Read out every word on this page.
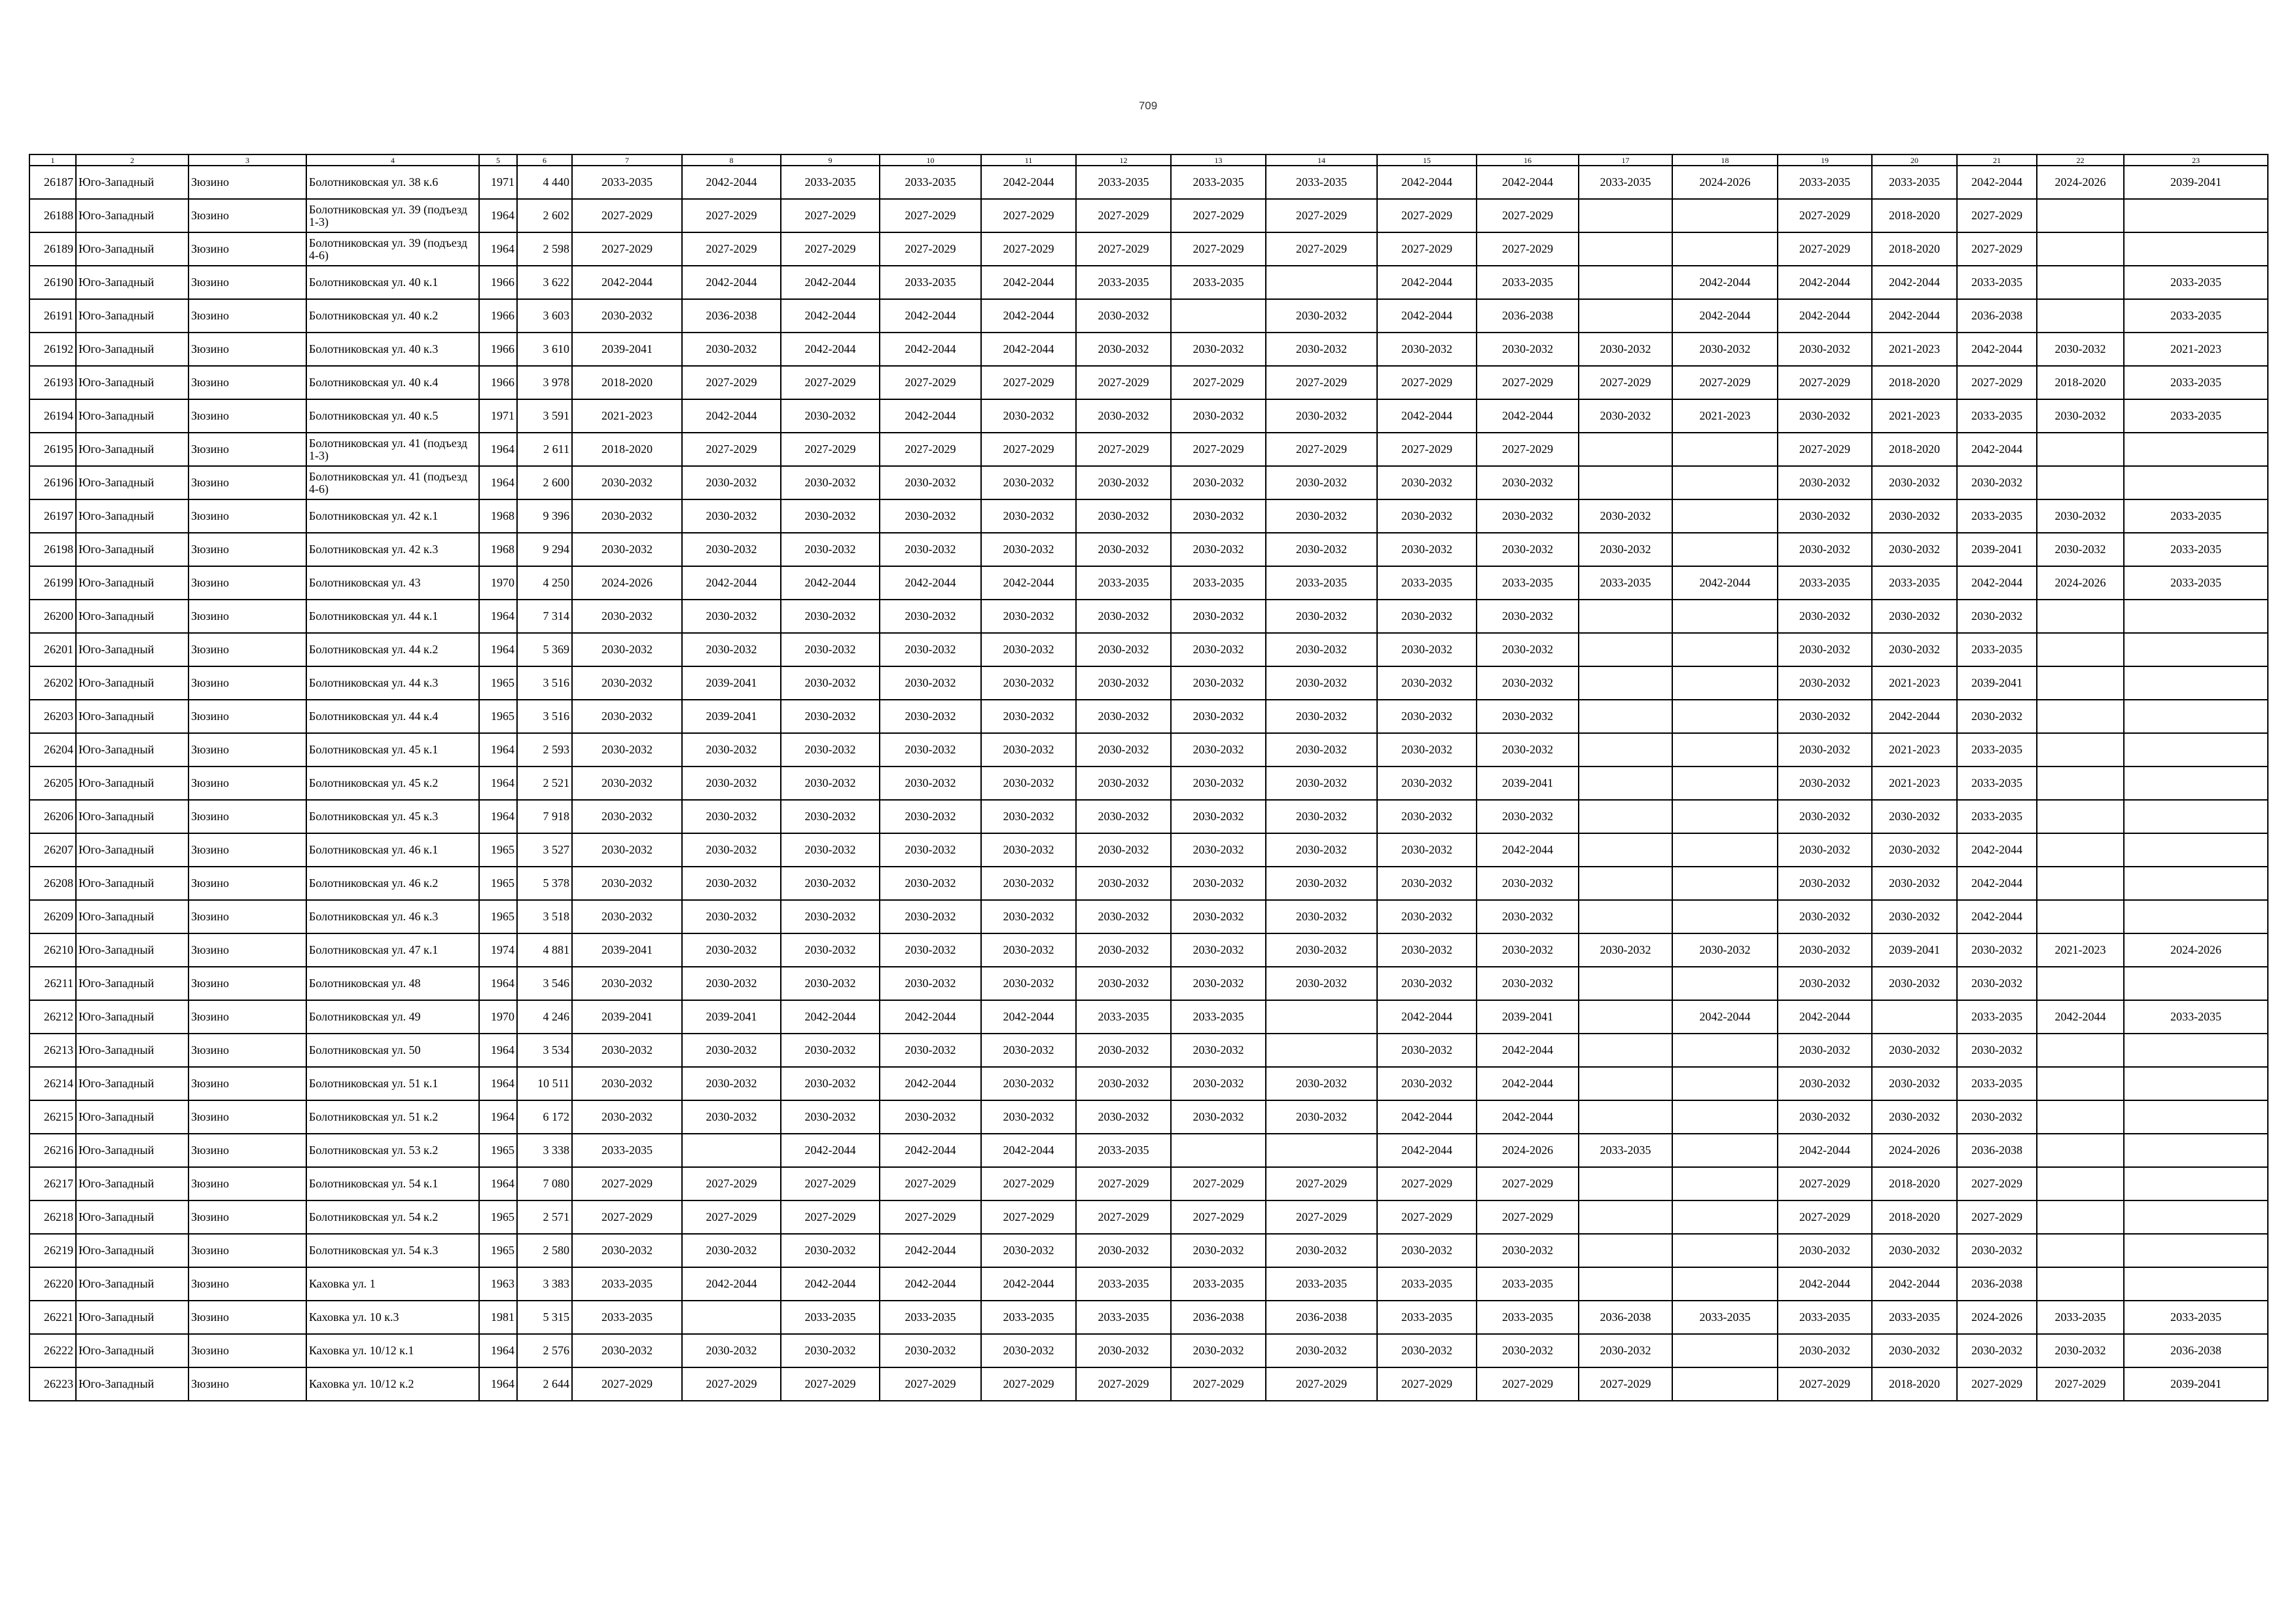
709
1	2	3	4	5	6	7	8	9	10	11	12	13	14	15	16	17	18	19	20	21	22	23
26187	Юго-Западный	Зюзино	Болотниковская ул. 38 к.6	1971	4 440	2033-2035	2042-2044	2033-2035	2033-2035	2042-2044	2033-2035	2033-2035	2033-2035	2042-2044	2042-2044	2033-2035	2024-2026	2033-2035	2033-2035	2042-2044	2024-2026	2039-2041
26188	Юго-Западный	Зюзино	Болотниковская ул. 39 (подъезд 1-3)	1964	2 602	2027-2029	2027-2029	2027-2029	2027-2029	2027-2029	2027-2029	2027-2029	2027-2029	2027-2029	2027-2029			2027-2029	2018-2020	2027-2029		
26189	Юго-Западный	Зюзино	Болотниковская ул. 39 (подъезд 4-6)	1964	2 598	2027-2029	2027-2029	2027-2029	2027-2029	2027-2029	2027-2029	2027-2029	2027-2029	2027-2029	2027-2029			2027-2029	2018-2020	2027-2029		
26190	Юго-Западный	Зюзино	Болотниковская ул. 40 к.1	1966	3 622	2042-2044	2042-2044	2042-2044	2033-2035	2042-2044	2033-2035	2033-2035		2042-2044	2033-2035		2042-2044	2042-2044	2042-2044	2033-2035		2033-2035
26191	Юго-Западный	Зюзино	Болотниковская ул. 40 к.2	1966	3 603	2030-2032	2036-2038	2042-2044	2042-2044	2042-2044	2030-2032		2030-2032	2042-2044	2036-2038		2042-2044	2042-2044	2042-2044	2036-2038		2033-2035
26192	Юго-Западный	Зюзино	Болотниковская ул. 40 к.3	1966	3 610	2039-2041	2030-2032	2042-2044	2042-2044	2042-2044	2030-2032	2030-2032	2030-2032	2030-2032	2030-2032	2030-2032	2030-2032	2030-2032	2021-2023	2042-2044	2030-2032	2021-2023
26193	Юго-Западный	Зюзино	Болотниковская ул. 40 к.4	1966	3 978	2018-2020	2027-2029	2027-2029	2027-2029	2027-2029	2027-2029	2027-2029	2027-2029	2027-2029	2027-2029	2027-2029	2027-2029	2027-2029	2018-2020	2027-2029	2018-2020	2033-2035
26194	Юго-Западный	Зюзино	Болотниковская ул. 40 к.5	1971	3 591	2021-2023	2042-2044	2030-2032	2042-2044	2030-2032	2030-2032	2030-2032	2030-2032	2042-2044	2042-2044	2030-2032	2021-2023	2030-2032	2021-2023	2033-2035	2030-2032	2033-2035
26195	Юго-Западный	Зюзино	Болотниковская ул. 41 (подъезд 1-3)	1964	2 611	2018-2020	2027-2029	2027-2029	2027-2029	2027-2029	2027-2029	2027-2029	2027-2029	2027-2029	2027-2029			2027-2029	2018-2020	2042-2044		
26196	Юго-Западный	Зюзино	Болотниковская ул. 41 (подъезд 4-6)	1964	2 600	2030-2032	2030-2032	2030-2032	2030-2032	2030-2032	2030-2032	2030-2032	2030-2032	2030-2032	2030-2032			2030-2032	2030-2032	2030-2032		
26197	Юго-Западный	Зюзино	Болотниковская ул. 42 к.1	1968	9 396	2030-2032	2030-2032	2030-2032	2030-2032	2030-2032	2030-2032	2030-2032	2030-2032	2030-2032	2030-2032	2030-2032		2030-2032	2030-2032	2033-2035	2030-2032	2033-2035
26198	Юго-Западный	Зюзино	Болотниковская ул. 42 к.3	1968	9 294	2030-2032	2030-2032	2030-2032	2030-2032	2030-2032	2030-2032	2030-2032	2030-2032	2030-2032	2030-2032	2030-2032		2030-2032	2030-2032	2039-2041	2030-2032	2033-2035
26199	Юго-Западный	Зюзино	Болотниковская ул. 43	1970	4 250	2024-2026	2042-2044	2042-2044	2042-2044	2042-2044	2033-2035	2033-2035	2033-2035	2033-2035	2033-2035	2033-2035	2042-2044	2033-2035	2033-2035	2042-2044	2024-2026	2033-2035
26200	Юго-Западный	Зюзино	Болотниковская ул. 44 к.1	1964	7 314	2030-2032	2030-2032	2030-2032	2030-2032	2030-2032	2030-2032	2030-2032	2030-2032	2030-2032	2030-2032			2030-2032	2030-2032	2030-2032		
26201	Юго-Западный	Зюзино	Болотниковская ул. 44 к.2	1964	5 369	2030-2032	2030-2032	2030-2032	2030-2032	2030-2032	2030-2032	2030-2032	2030-2032	2030-2032	2030-2032			2030-2032	2030-2032	2033-2035		
26202	Юго-Западный	Зюзино	Болотниковская ул. 44 к.3	1965	3 516	2030-2032	2039-2041	2030-2032	2030-2032	2030-2032	2030-2032	2030-2032	2030-2032	2030-2032	2030-2032			2030-2032	2021-2023	2039-2041		
26203	Юго-Западный	Зюзино	Болотниковская ул. 44 к.4	1965	3 516	2030-2032	2039-2041	2030-2032	2030-2032	2030-2032	2030-2032	2030-2032	2030-2032	2030-2032	2030-2032			2030-2032	2042-2044	2030-2032		
26204	Юго-Западный	Зюзино	Болотниковская ул. 45 к.1	1964	2 593	2030-2032	2030-2032	2030-2032	2030-2032	2030-2032	2030-2032	2030-2032	2030-2032	2030-2032	2030-2032			2030-2032	2021-2023	2033-2035		
26205	Юго-Западный	Зюзино	Болотниковская ул. 45 к.2	1964	2 521	2030-2032	2030-2032	2030-2032	2030-2032	2030-2032	2030-2032	2030-2032	2030-2032	2030-2032	2039-2041			2030-2032	2021-2023	2033-2035		
26206	Юго-Западный	Зюзино	Болотниковская ул. 45 к.3	1964	7 918	2030-2032	2030-2032	2030-2032	2030-2032	2030-2032	2030-2032	2030-2032	2030-2032	2030-2032	2030-2032			2030-2032	2030-2032	2033-2035		
26207	Юго-Западный	Зюзино	Болотниковская ул. 46 к.1	1965	3 527	2030-2032	2030-2032	2030-2032	2030-2032	2030-2032	2030-2032	2030-2032	2030-2032	2030-2032	2042-2044			2030-2032	2030-2032	2042-2044		
26208	Юго-Западный	Зюзино	Болотниковская ул. 46 к.2	1965	5 378	2030-2032	2030-2032	2030-2032	2030-2032	2030-2032	2030-2032	2030-2032	2030-2032	2030-2032	2030-2032			2030-2032	2030-2032	2042-2044		
26209	Юго-Западный	Зюзино	Болотниковская ул. 46 к.3	1965	3 518	2030-2032	2030-2032	2030-2032	2030-2032	2030-2032	2030-2032	2030-2032	2030-2032	2030-2032	2030-2032			2030-2032	2030-2032	2042-2044		
26210	Юго-Западный	Зюзино	Болотниковская ул. 47 к.1	1974	4 881	2039-2041	2030-2032	2030-2032	2030-2032	2030-2032	2030-2032	2030-2032	2030-2032	2030-2032	2030-2032	2030-2032	2030-2032	2030-2032	2039-2041	2030-2032	2021-2023	2024-2026
26211	Юго-Западный	Зюзино	Болотниковская ул. 48	1964	3 546	2030-2032	2030-2032	2030-2032	2030-2032	2030-2032	2030-2032	2030-2032	2030-2032	2030-2032	2030-2032			2030-2032	2030-2032	2030-2032		
26212	Юго-Западный	Зюзино	Болотниковская ул. 49	1970	4 246	2039-2041	2039-2041	2042-2044	2042-2044	2042-2044	2033-2035	2033-2035		2042-2044	2039-2041		2042-2044	2042-2044		2033-2035	2042-2044	2033-2035
26213	Юго-Западный	Зюзино	Болотниковская ул. 50	1964	3 534	2030-2032	2030-2032	2030-2032	2030-2032	2030-2032	2030-2032	2030-2032		2030-2032	2042-2044			2030-2032	2030-2032	2030-2032		
26214	Юго-Западный	Зюзино	Болотниковская ул. 51 к.1	1964	10 511	2030-2032	2030-2032	2030-2032	2042-2044	2030-2032	2030-2032	2030-2032	2030-2032	2030-2032	2042-2044			2030-2032	2030-2032	2033-2035		
26215	Юго-Западный	Зюзино	Болотниковская ул. 51 к.2	1964	6 172	2030-2032	2030-2032	2030-2032	2030-2032	2030-2032	2030-2032	2030-2032	2030-2032	2042-2044	2042-2044			2030-2032	2030-2032	2030-2032		
26216	Юго-Западный	Зюзино	Болотниковская ул. 53 к.2	1965	3 338	2033-2035		2042-2044	2042-2044	2042-2044	2033-2035			2042-2044	2024-2026	2033-2035		2042-2044	2024-2026	2036-2038		
26217	Юго-Западный	Зюзино	Болотниковская ул. 54 к.1	1964	7 080	2027-2029	2027-2029	2027-2029	2027-2029	2027-2029	2027-2029	2027-2029	2027-2029	2027-2029	2027-2029			2027-2029	2018-2020	2027-2029		
26218	Юго-Западный	Зюзино	Болотниковская ул. 54 к.2	1965	2 571	2027-2029	2027-2029	2027-2029	2027-2029	2027-2029	2027-2029	2027-2029	2027-2029	2027-2029	2027-2029			2027-2029	2018-2020	2027-2029		
26219	Юго-Западный	Зюзино	Болотниковская ул. 54 к.3	1965	2 580	2030-2032	2030-2032	2030-2032	2042-2044	2030-2032	2030-2032	2030-2032	2030-2032	2030-2032	2030-2032			2030-2032	2030-2032	2030-2032		
26220	Юго-Западный	Зюзино	Каховка ул. 1	1963	3 383	2033-2035	2042-2044	2042-2044	2042-2044	2042-2044	2033-2035	2033-2035	2033-2035	2033-2035	2033-2035			2042-2044	2042-2044	2036-2038		
26221	Юго-Западный	Зюзино	Каховка ул. 10 к.3	1981	5 315	2033-2035		2033-2035	2033-2035	2033-2035	2033-2035	2036-2038	2036-2038	2033-2035	2033-2035	2036-2038	2033-2035	2033-2035	2033-2035	2024-2026	2033-2035	2033-2035
26222	Юго-Западный	Зюзино	Каховка ул. 10/12 к.1	1964	2 576	2030-2032	2030-2032	2030-2032	2030-2032	2030-2032	2030-2032	2030-2032	2030-2032	2030-2032	2030-2032	2030-2032		2030-2032	2030-2032	2030-2032	2030-2032	2036-2038
26223	Юго-Западный	Зюзино	Каховка ул. 10/12 к.2	1964	2 644	2027-2029	2027-2029	2027-2029	2027-2029	2027-2029	2027-2029	2027-2029	2027-2029	2027-2029	2027-2029	2027-2029		2027-2029	2018-2020	2027-2029	2027-2029	2039-2041
